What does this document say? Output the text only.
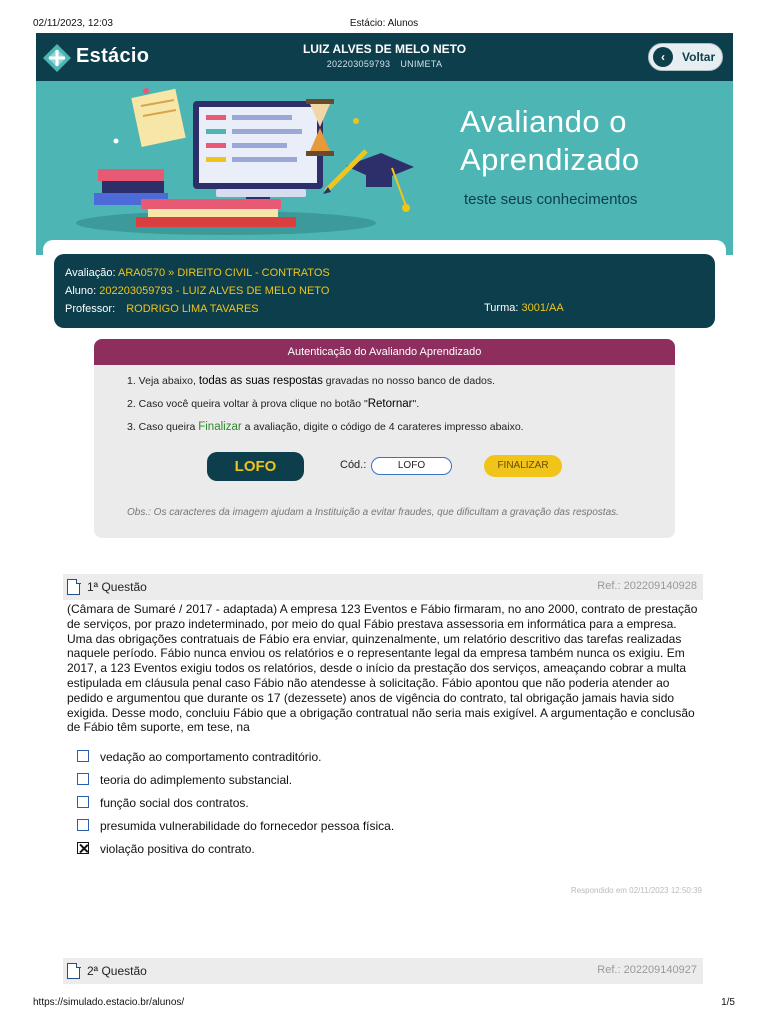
02/11/2023, 12:03	Estácio: Alunos
Estácio	LUIZ ALVES DE MELO NETO
202203059793 UNIMETA	‹	Voltar
Avaliando o
Aprendizado
teste seus conhecimentos
Avaliação: ARA0570 » DIREITO CIVIL - CONTRATOS
Aluno: 202203059793 - LUIZ ALVES DE MELO NETO
Professor: RODRIGO LIMA TAVARES	Turma: 3001/AA
Autenticação do Avaliando Aprendizado
1. Veja abaixo, todas as suas respostas gravadas no nosso banco de dados.
2. Caso você queira voltar à prova clique no botão "Retornar".
3. Caso queira Finalizar a avaliação, digite o código de 4 carateres impresso abaixo.
LOFO	Cód.:	LOFO	FINALIZAR
Obs.: Os caracteres da imagem ajudam a Instituição a evitar fraudes, que dificultam a gravação das respostas.
1ª Questão	Ref.: 202209140928
(Câmara de Sumaré / 2017 - adaptada) A empresa 123 Eventos e Fábio firmaram, no ano 2000, contrato de prestação de serviços, por prazo indeterminado, por meio do qual Fábio prestava assessoria em informática para a empresa. Uma das obrigações contratuais de Fábio era enviar, quinzenalmente, um relatório descritivo das tarefas realizadas naquele período. Fábio nunca enviou os relatórios e o representante legal da empresa também nunca os exigiu. Em 2017, a 123 Eventos exigiu todos os relatórios, desde o início da prestação dos serviços, ameaçando cobrar a multa estipulada em cláusula penal caso Fábio não atendesse à solicitação. Fábio apontou que não poderia atender ao pedido e argumentou que durante os 17 (dezessete) anos de vigência do contrato, tal obrigação jamais havia sido exigida. Desse modo, concluiu Fábio que a obrigação contratual não seria mais exigível. A argumentação e conclusão de Fábio têm suporte, em tese, na
vedação ao comportamento contraditório.
teoria do adimplemento substancial.
função social dos contratos.
presumida vulnerabilidade do fornecedor pessoa física.
violação positiva do contrato.
Respondido em 02/11/2023 12:50:39
2ª Questão	Ref.: 202209140927
https://simulado.estacio.br/alunos/	1/5
